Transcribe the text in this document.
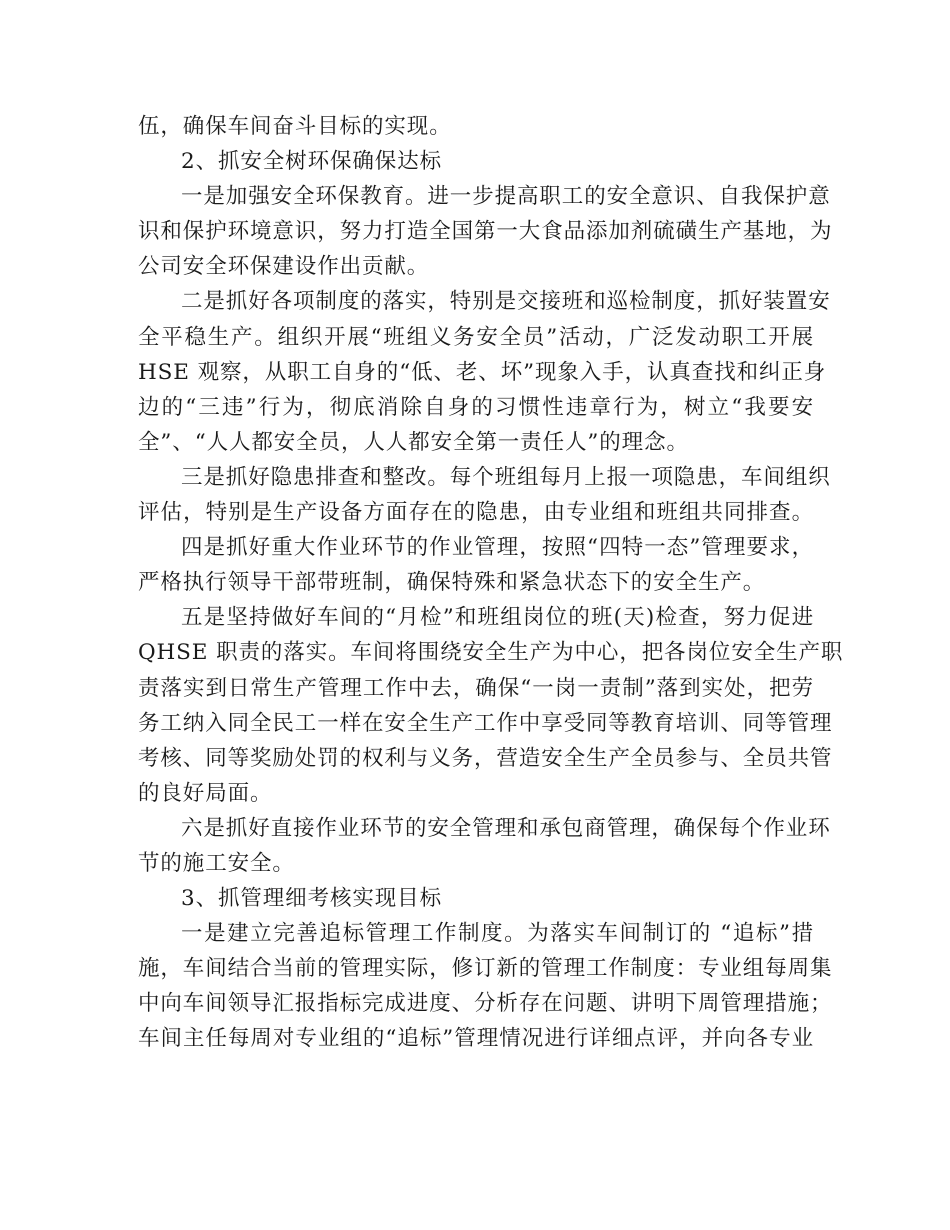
伍，确保车间奋斗目标的实现。
2、抓安全树环保确保达标
一是加强安全环保教育。进一步提高职工的安全意识、自我保护意
识和保护环境意识，努力打造全国第一大食品添加剂硫磺生产基地，为
公司安全环保建设作出贡献。
二是抓好各项制度的落实，特别是交接班和巡检制度，抓好装置安
全平稳生产。组织开展“班组义务安全员”活动，广泛发动职工开展
HSE 观察，从职工自身的“低、老、坏”现象入手，认真查找和纠正身
边的“三违”行为，彻底消除自身的习惯性违章行为，树立“我要安
全”、“人人都安全员，人人都安全第一责任人”的理念。
三是抓好隐患排查和整改。每个班组每月上报一项隐患，车间组织
评估，特别是生产设备方面存在的隐患，由专业组和班组共同排查。
四是抓好重大作业环节的作业管理，按照“四特一态”管理要求，
严格执行领导干部带班制，确保特殊和紧急状态下的安全生产。
五是坚持做好车间的“月检”和班组岗位的班(天)检查，努力促进
QHSE 职责的落实。车间将围绕安全生产为中心，把各岗位安全生产职
责落实到日常生产管理工作中去，确保“一岗一责制”落到实处，把劳
务工纳入同全民工一样在安全生产工作中享受同等教育培训、同等管理
考核、同等奖励处罚的权利与义务，营造安全生产全员参与、全员共管
的良好局面。
六是抓好直接作业环节的安全管理和承包商管理，确保每个作业环
节的施工安全。
3、抓管理细考核实现目标
一是建立完善追标管理工作制度。为落实车间制订的 “追标”措
施，车间结合当前的管理实际，修订新的管理工作制度：专业组每周集
中向车间领导汇报指标完成进度、分析存在问题、讲明下周管理措施；
车间主任每周对专业组的“追标”管理情况进行详细点评，并向各专业
